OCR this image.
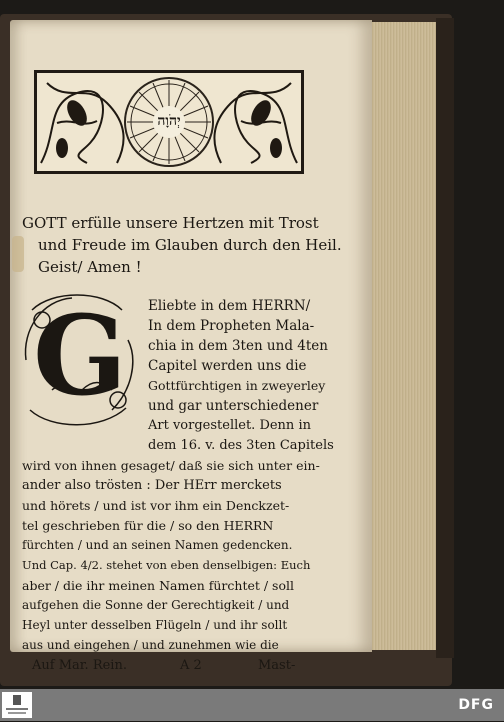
יְהֹוָה
GOTT erfülle unsere Hertzen mit Trost
und Freude im Glauben durch den Heil.
Geist/ Amen !
G Eliebte in dem HERRN/
In dem Propheten Mala-
chia in dem 3ten und 4ten
Capitel werden uns die
Gottfürchtigen in zweyerley
und gar unterschiedener
Art vorgestellet. Denn in
dem 16. v. des 3ten Capitels
wird von ihnen gesaget/ daß sie sich unter ein-
ander also trösten : Der HErr merckets
und hörets / und ist vor ihm ein Denckzet-
tel geschrieben für die / so den HERRN
fürchten / und an seinen Namen gedencken.
Und Cap. 4/2. stehet von eben denselbigen: Euch
aber / die ihr meinen Namen fürchtet / soll
aufgehen die Sonne der Gerechtigkeit / und
Heyl unter desselben Flügeln / und ihr sollt
aus und eingehen / und zunehmen wie die
Auf Mar. Rein.	A 2	Mast-
DFG
